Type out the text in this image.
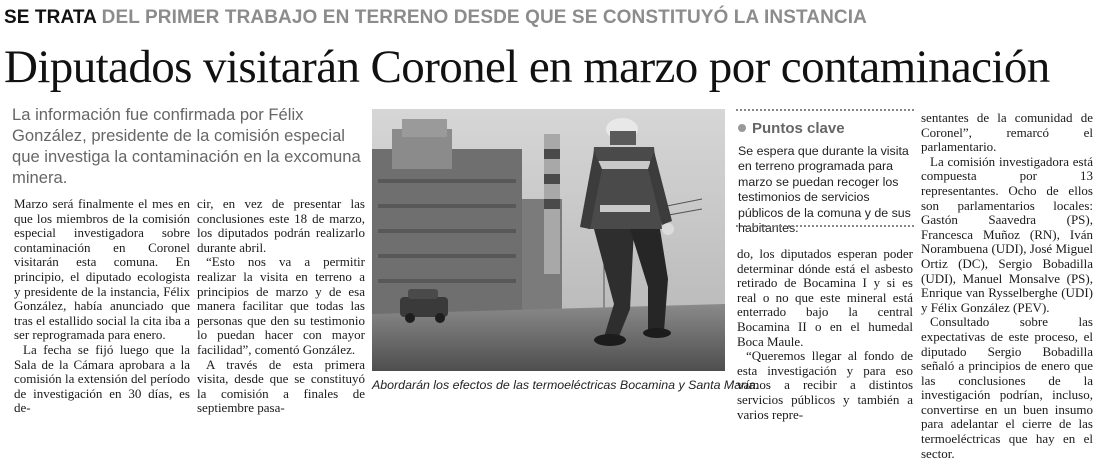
SE TRATA DEL PRIMER TRABAJO EN TERRENO DESDE QUE SE CONSTITUYÓ LA INSTANCIA
Diputados visitarán Coronel en marzo por contaminación
La información fue confirmada por Félix González, presidente de la comisión especial que investiga la contaminación en la excomuna minera.

Marzo será finalmente el mes en que los miembros de la comisión especial investigadora sobre contaminación en Coronel visitarán esta comuna. En principio, el diputado ecologista y presidente de la instancia, Félix González, había anunciado que tras el estallido social la cita iba a ser reprogramada para enero.

La fecha se fijó luego que la Sala de la Cámara aprobara a la comisión la extensión del período de investigación en 30 días, es de-

cir, en vez de presentar las conclusiones este 18 de marzo, los diputados podrán realizarlo durante abril.

“Esto nos va a permitir realizar la visita en terreno a principios de marzo y de esa manera facilitar que todas las personas que den su testimonio lo puedan hacer con mayor facilidad”, comentó González.

A través de esta primera visita, desde que se constituyó la comisión a finales de septiembre pasa-

Abordarán los efectos de las termoeléctricas Bocamina y Santa María.
Puntos clave
Se espera que durante la visita en terreno programada para marzo se puedan recoger los testimonios de servicios públicos de la comuna y de sus habitantes.

do, los diputados esperan poder determinar dónde está el asbesto retirado de Bocamina I y si es real o no que este mineral está enterrado bajo la central Bocamina II o en el humedal Boca Maule.

“Queremos llegar al fondo de esta investigación y para eso vamos a recibir a distintos servicios públicos y también a varios repre-

sentantes de la comunidad de Coronel”, remarcó el parlamentario.

La comisión investigadora está compuesta por 13 representantes. Ocho de ellos son parlamentarios locales: Gastón Saavedra (PS), Francesca Muñoz (RN), Iván Norambuena (UDI), José Miguel Ortiz (DC), Sergio Bobadilla (UDI), Manuel Monsalve (PS), Enrique van Rysselberghe (UDI) y Félix González (PEV).

Consultado sobre las expectativas de este proceso, el diputado Sergio Bobadilla señaló a principios de enero que las conclusiones de la investigación podrían, incluso, convertirse en un buen insumo para adelantar el cierre de las termoeléctricas que hay en el sector.
